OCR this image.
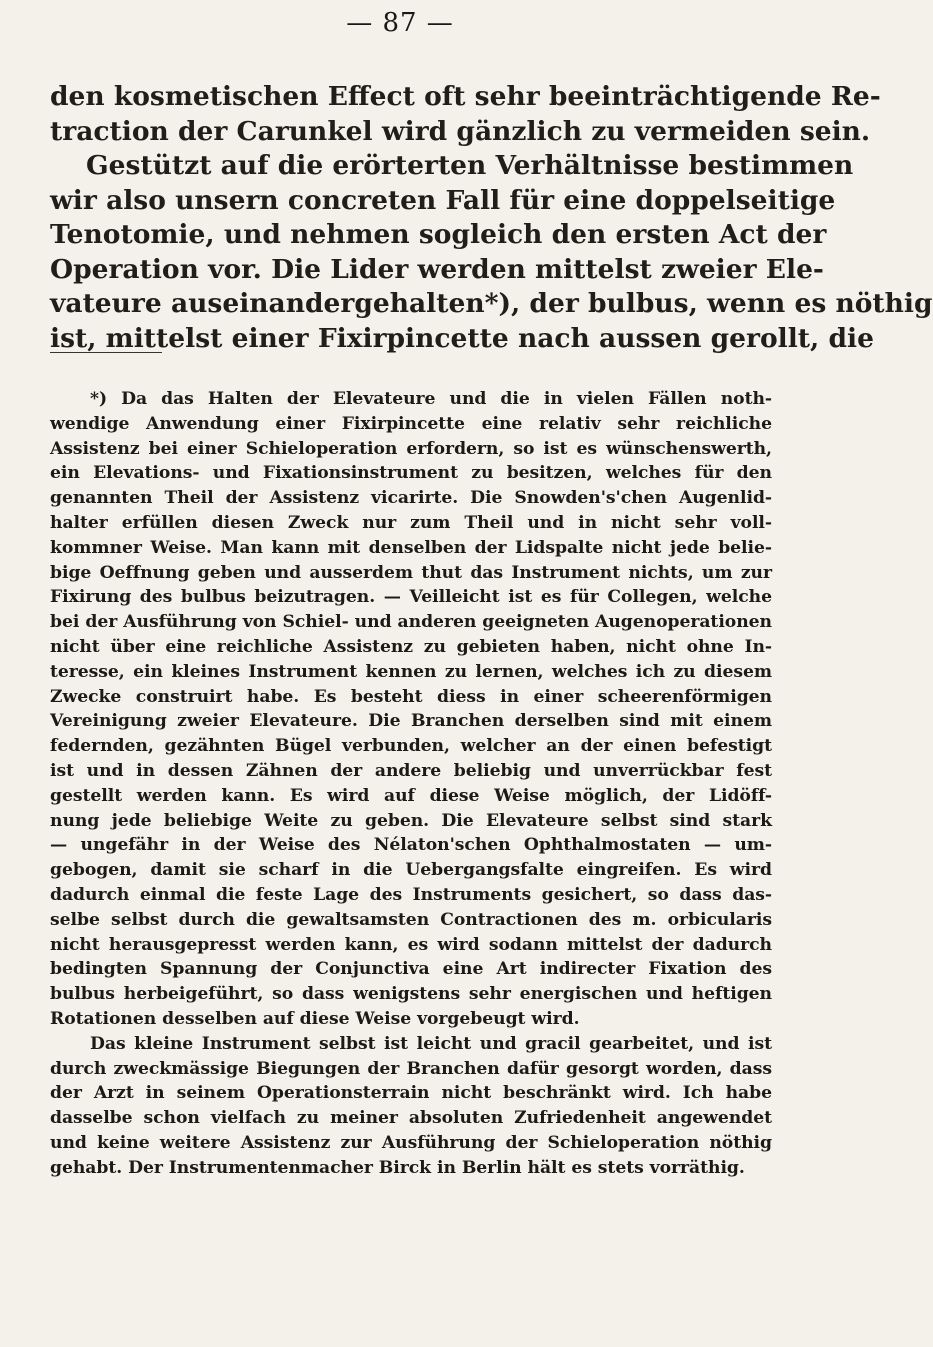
— 87 —
den kosmetischen Effect oft sehr beeinträchtigende Re-
traction der Carunkel wird gänzlich zu vermeiden sein.
Gestützt auf die erörterten Verhältnisse bestimmen
wir also unsern concreten Fall für eine doppelseitige
Tenotomie, und nehmen sogleich den ersten Act der
Operation vor. Die Lider werden mittelst zweier Ele-
vateure auseinandergehalten*), der bulbus, wenn es nöthig
ist, mittelst einer Fixirpincette nach aussen gerollt, die
*) Da das Halten der Elevateure und die in vielen Fällen noth-
wendige Anwendung einer Fixirpincette eine relativ sehr reichliche
Assistenz bei einer Schieloperation erfordern, so ist es wünschenswerth,
ein Elevations- und Fixationsinstrument zu besitzen, welches für den
genannten Theil der Assistenz vicarirte. Die Snowden's'chen Augenlid-
halter erfüllen diesen Zweck nur zum Theil und in nicht sehr voll-
kommner Weise. Man kann mit denselben der Lidspalte nicht jede belie-
bige Oeffnung geben und ausserdem thut das Instrument nichts, um zur
Fixirung des bulbus beizutragen. — Veilleicht ist es für Collegen, welche
bei der Ausführung von Schiel- und anderen geeigneten Augenoperationen
nicht über eine reichliche Assistenz zu gebieten haben, nicht ohne In-
teresse, ein kleines Instrument kennen zu lernen, welches ich zu diesem
Zwecke construirt habe. Es besteht diess in einer scheerenförmigen
Vereinigung zweier Elevateure. Die Branchen derselben sind mit einem
federnden, gezähnten Bügel verbunden, welcher an der einen befestigt
ist und in dessen Zähnen der andere beliebig und unverrückbar fest
gestellt werden kann. Es wird auf diese Weise möglich, der Lidöff-
nung jede beliebige Weite zu geben. Die Elevateure selbst sind stark
— ungefähr in der Weise des Nélaton'schen Ophthalmostaten — um-
gebogen, damit sie scharf in die Uebergangsfalte eingreifen. Es wird
dadurch einmal die feste Lage des Instruments gesichert, so dass das-
selbe selbst durch die gewaltsamsten Contractionen des m. orbicularis
nicht herausgepresst werden kann, es wird sodann mittelst der dadurch
bedingten Spannung der Conjunctiva eine Art indirecter Fixation des
bulbus herbeigeführt, so dass wenigstens sehr energischen und heftigen
Rotationen desselben auf diese Weise vorgebeugt wird.
Das kleine Instrument selbst ist leicht und gracil gearbeitet, und ist
durch zweckmässige Biegungen der Branchen dafür gesorgt worden, dass
der Arzt in seinem Operationsterrain nicht beschränkt wird. Ich habe
dasselbe schon vielfach zu meiner absoluten Zufriedenheit angewendet
und keine weitere Assistenz zur Ausführung der Schieloperation nöthig
gehabt. Der Instrumentenmacher Birck in Berlin hält es stets vorräthig.
